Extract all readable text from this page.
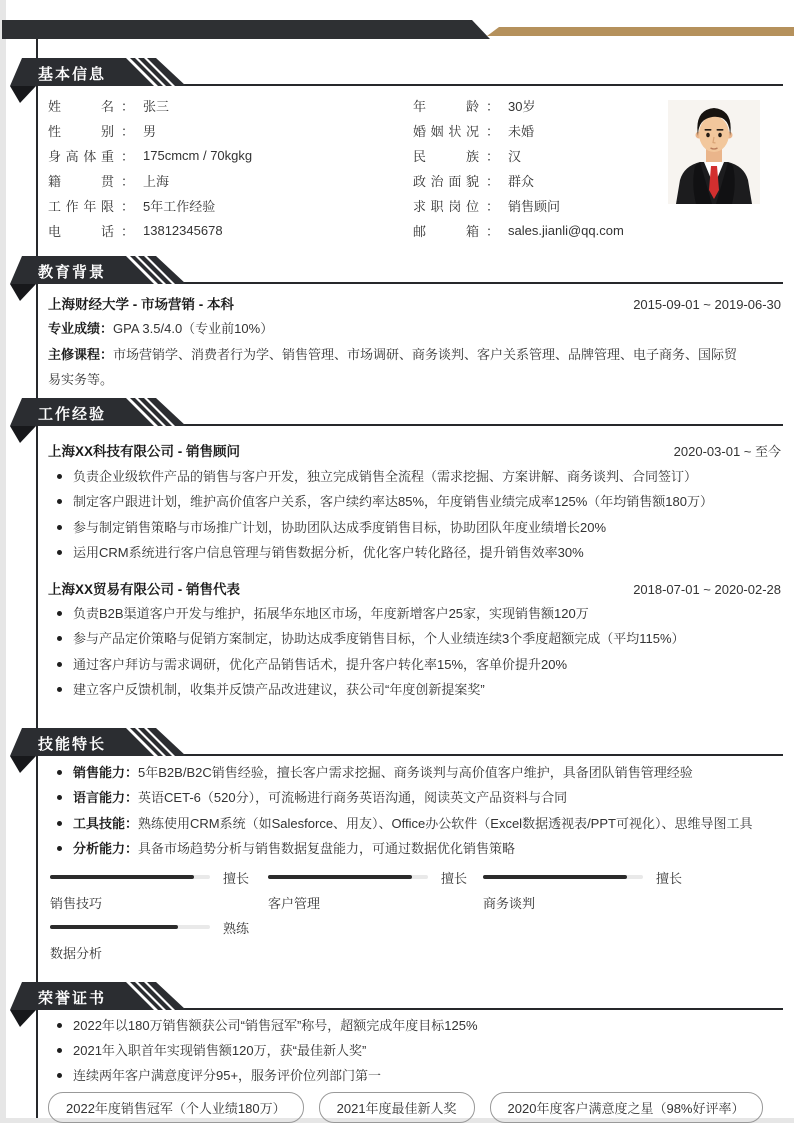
基本信息
姓名 ： 张三
性别 ： 男
身高体重 ： 175cmcm / 70kgkg
籍贯 ： 上海
工作年限 ： 5年工作经验
电话 ： 13812345678
年龄 ： 30岁
婚姻状况 ： 未婚
民族 ： 汉
政治面貌 ： 群众
求职岗位 ： 销售顾问
邮箱 ： sales.jianli@qq.com
教育背景
上海财经大学 - 市场营销 - 本科	2015-09-01 ~ 2019-06-30
专业成绩：GPA 3.5/4.0（专业前10%）
主修课程：市场营销学、消费者行为学、销售管理、市场调研、商务谈判、客户关系管理、品牌管理、电子商务、国际贸易实务等。
工作经验
上海XX科技有限公司 - 销售顾问	2020-03-01 ~ 至今
负责企业级软件产品的销售与客户开发，独立完成销售全流程（需求挖掘、方案讲解、商务谈判、合同签订）
制定客户跟进计划，维护高价值客户关系，客户续约率达85%，年度销售业绩完成率125%（年均销售额180万）
参与制定销售策略与市场推广计划，协助团队达成季度销售目标，协助团队年度业绩增长20%
运用CRM系统进行客户信息管理与销售数据分析，优化客户转化路径，提升销售效率30%
上海XX贸易有限公司 - 销售代表	2018-07-01 ~ 2020-02-28
负责B2B渠道客户开发与维护，拓展华东地区市场，年度新增客户25家，实现销售额120万
参与产品定价策略与促销方案制定，协助达成季度销售目标，个人业绩连续3个季度超额完成（平均115%）
通过客户拜访与需求调研，优化产品销售话术，提升客户转化率15%，客单价提升20%
建立客户反馈机制，收集并反馈产品改进建议，获公司“年度创新提案奖”
技能特长
销售能力：5年B2B/B2C销售经验，擅长客户需求挖掘、商务谈判与高价值客户维护，具备团队销售管理经验
语言能力：英语CET-6（520分），可流畅进行商务英语沟通，阅读英文产品资料与合同
工具技能：熟练使用CRM系统（如Salesforce、用友）、Office办公软件（Excel数据透视表/PPT可视化）、思维导图工具
分析能力：具备市场趋势分析与销售数据复盘能力，可通过数据优化销售策略
擅长
销售技巧
擅长
客户管理
擅长
商务谈判
熟练
数据分析
荣誉证书
2022年以180万销售额获公司“销售冠军”称号，超额完成年度目标125%
2021年入职首年实现销售额120万，获“最佳新人奖”
连续两年客户满意度评分95+，服务评价位列部门第一
2022年度销售冠军（个人业绩180万）	2021年度最佳新人奖	2020年度客户满意度之星（98%好评率）
